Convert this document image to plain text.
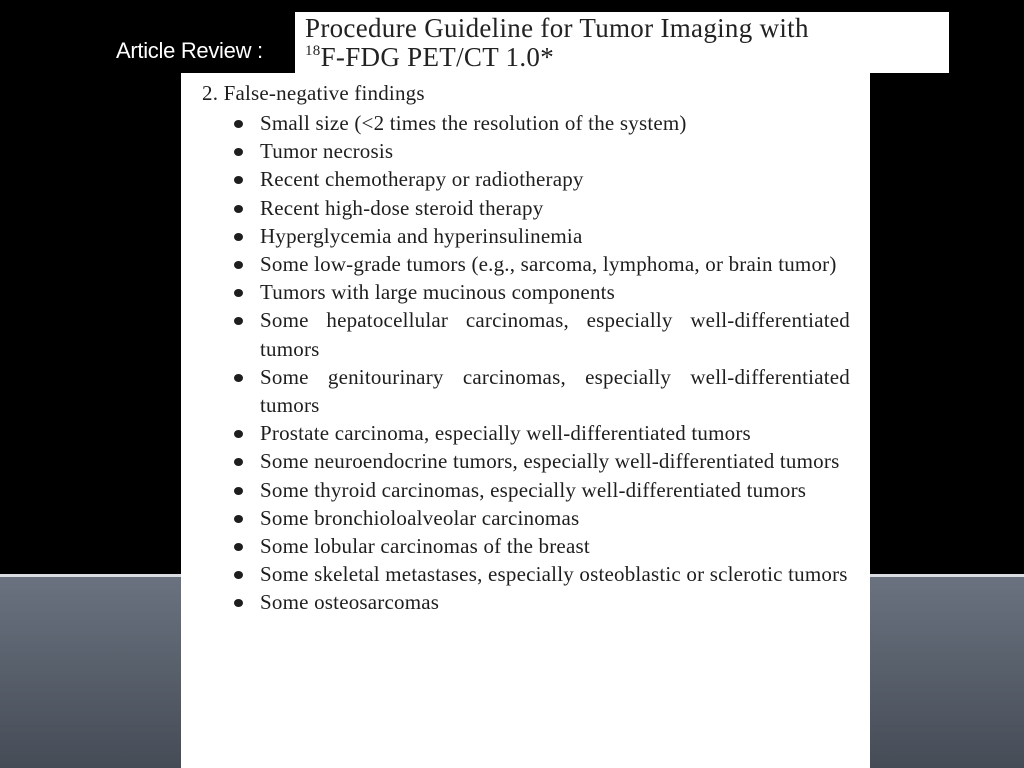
Article Review :
Procedure Guideline for Tumor Imaging with
$^{18}$F-FDG PET/CT 1.0*
2. False-negative findings
Small size (<2 times the resolution of the system)
Tumor necrosis
Recent chemotherapy or radiotherapy
Recent high-dose steroid therapy
Hyperglycemia and hyperinsulinemia
Some low-grade tumors (e.g., sarcoma, lymphoma, or brain tumor)
Tumors with large mucinous components
Some hepatocellular carcinomas, especially well-differentiated tumors
Some genitourinary carcinomas, especially well-differentiated tumors
Prostate carcinoma, especially well-differentiated tumors
Some neuroendocrine tumors, especially well-differentiated tumors
Some thyroid carcinomas, especially well-differentiated tumors
Some bronchioloalveolar carcinomas
Some lobular carcinomas of the breast
Some skeletal metastases, especially osteoblastic or sclerotic tumors
Some osteosarcomas
